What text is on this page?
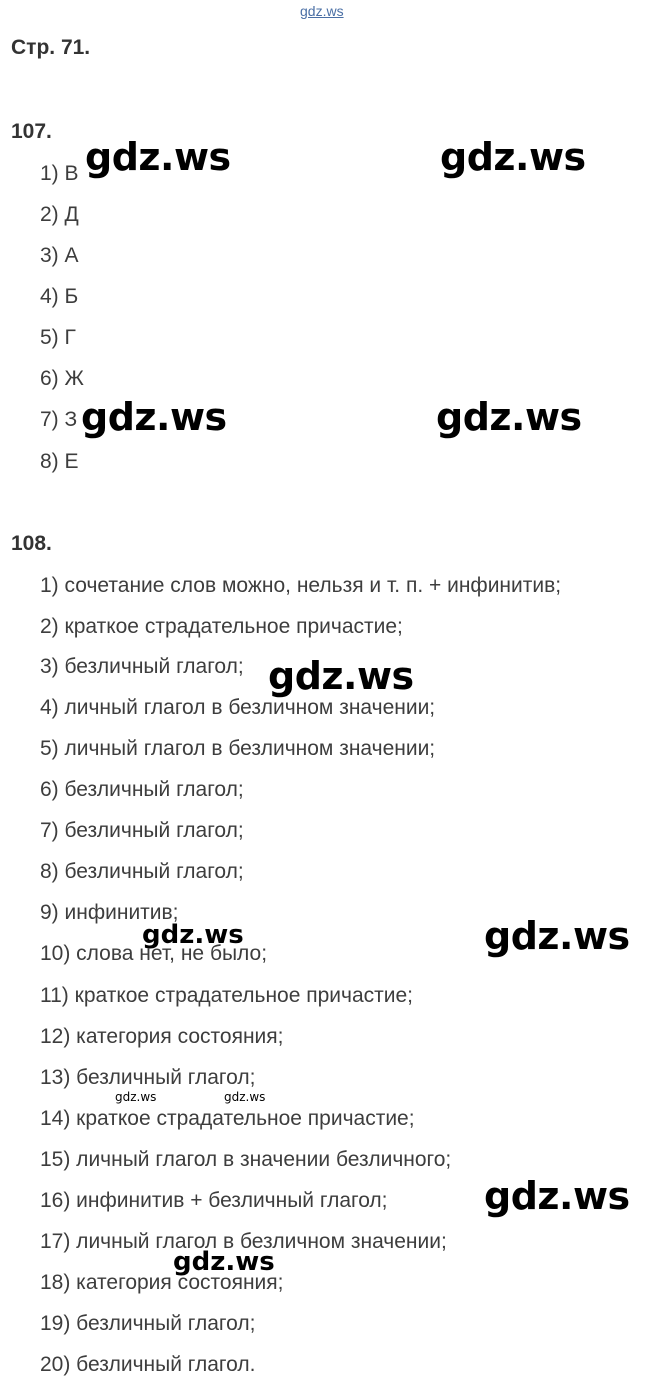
gdz.ws
Стр. 71.
107.
1) В
2) Д
3) А
4) Б
5) Г
6) Ж
7) З
8) Е
108.
1) сочетание слов можно, нельзя и т. п. + инфинитив;
2) краткое страдательное причастие;
3) безличный глагол;
4) личный глагол в безличном значении;
5) личный глагол в безличном значении;
6) безличный глагол;
7) безличный глагол;
8) безличный глагол;
9) инфинитив;
10) слова нет, не было;
11) краткое страдательное причастие;
12) категория состояния;
13) безличный глагол;
14) краткое страдательное причастие;
15) личный глагол в значении безличного;
16) инфинитив + безличный глагол;
17) личный глагол в безличном значении;
18) категория состояния;
19) безличный глагол;
20) безличный глагол.
gdz.ws	gdz.ws
gdz.ws	gdz.ws
gdz.ws
gdz.ws	gdz.ws
gdz.ws	gdz.ws
gdz.ws
gdz.ws
